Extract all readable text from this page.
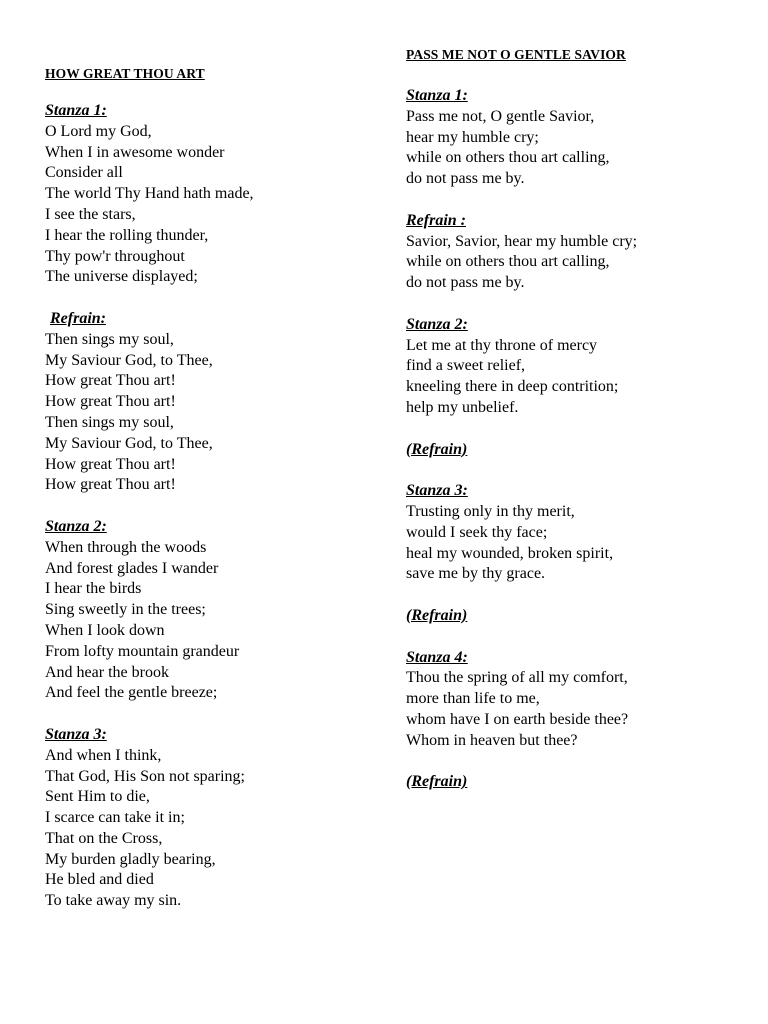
HOW GREAT THOU ART
Stanza 1:
O Lord my God,
When I in awesome wonder
Consider all
The world Thy Hand hath made,
I see the stars,
I hear the rolling thunder,
Thy pow'r throughout
The universe displayed;
Refrain:
Then sings my soul,
My Saviour God, to Thee,
How great Thou art!
How great Thou art!
Then sings my soul,
My Saviour God, to Thee,
How great Thou art!
How great Thou art!
Stanza 2:
When through the woods
And forest glades I wander
I hear the birds
Sing sweetly in the trees;
When I look down
From lofty mountain grandeur
And hear the brook
And feel the gentle breeze;
Stanza 3:
And when I think,
That God, His Son not sparing;
Sent Him to die,
I scarce can take it in;
That on the Cross,
My burden gladly bearing,
He bled and died
To take away my sin.
PASS ME NOT O GENTLE SAVIOR
Stanza 1:
Pass me not, O gentle Savior,
hear my humble cry;
while on others thou art calling,
do not pass me by.
Refrain :
Savior, Savior, hear my humble cry;
while on others thou art calling,
do not pass me by.
Stanza 2:
Let me at thy throne of mercy
find a sweet relief,
kneeling there in deep contrition;
help my unbelief.
(Refrain)
Stanza 3:
Trusting only in thy merit,
would I seek thy face;
heal my wounded, broken spirit,
save me by thy grace.
(Refrain)
Stanza 4:
Thou the spring of all my comfort,
more than life to me,
whom have I on earth beside thee?
Whom in heaven but thee?
(Refrain)
